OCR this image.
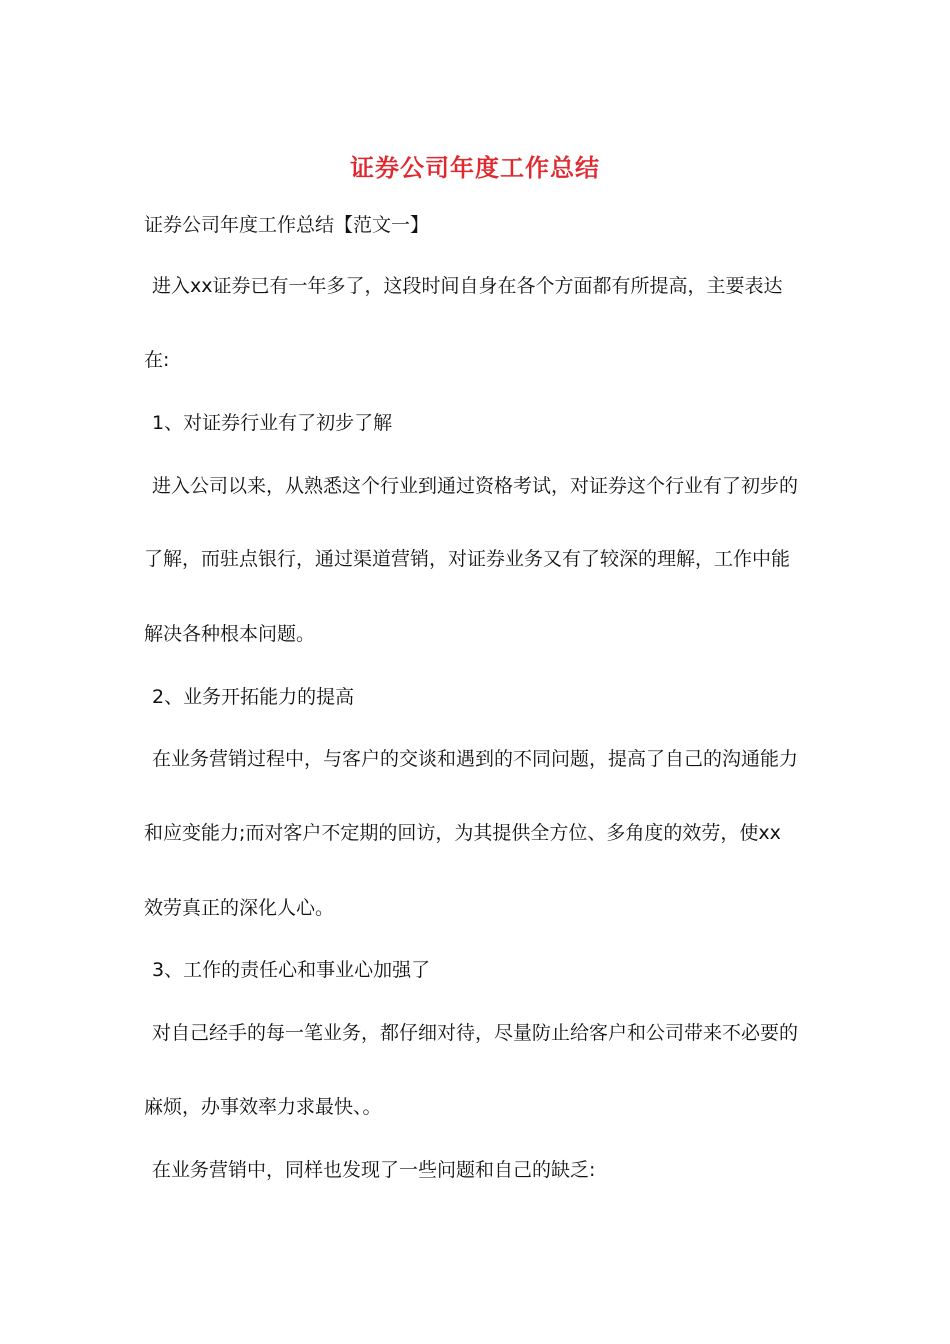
证券公司年度工作总结
证券公司年度工作总结【范文一】
进入xx证券已有一年多了，这段时间自身在各个方面都有所提高，主要表达
在:
1、对证券行业有了初步了解
进入公司以来，从熟悉这个行业到通过资格考试，对证券这个行业有了初步的
了解，而驻点银行，通过渠道营销，对证券业务又有了较深的理解，工作中能
解决各种根本问题。
2、业务开拓能力的提高
在业务营销过程中，与客户的交谈和遇到的不同问题，提高了自己的沟通能力
和应变能力;而对客户不定期的回访，为其提供全方位、多角度的效劳，使xx
效劳真正的深化人心。
3、工作的责任心和事业心加强了
对自己经手的每一笔业务，都仔细对待，尽量防止给客户和公司带来不必要的
麻烦，办事效率力求最快、。
在业务营销中，同样也发现了一些问题和自己的缺乏:
